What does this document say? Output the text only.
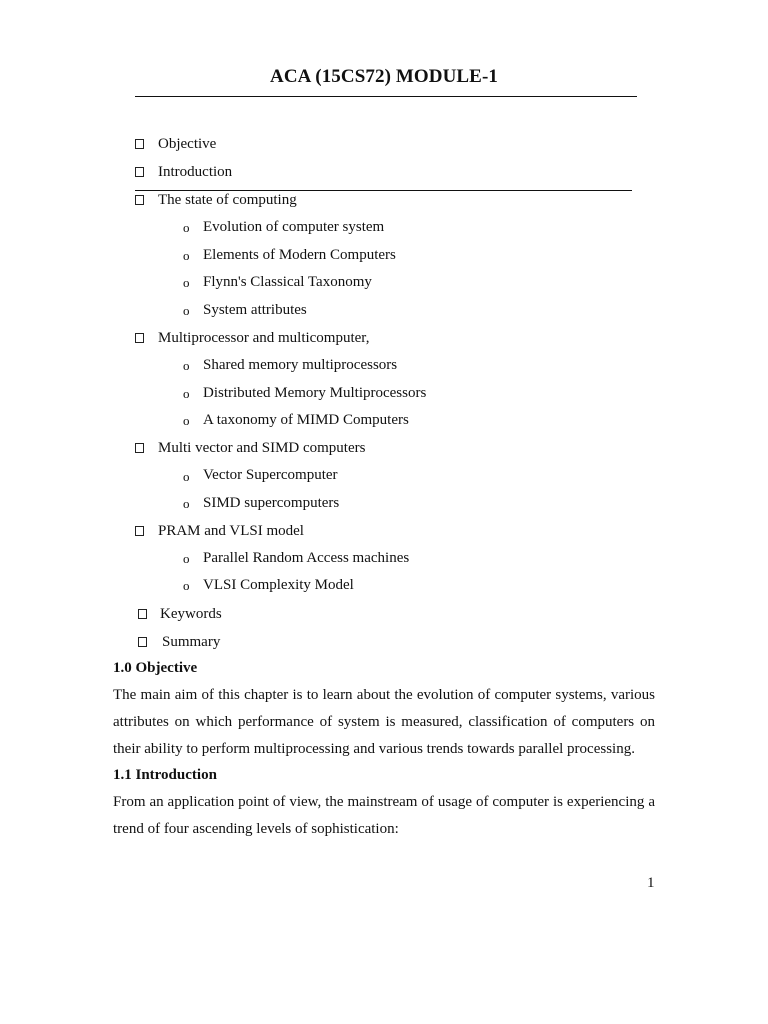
ACA (15CS72) MODULE-1
Objective
Introduction
The state of computing
o Evolution of computer system
o Elements of Modern Computers
o Flynn's Classical Taxonomy
o System attributes
Multiprocessor and multicomputer,
o Shared memory multiprocessors
o Distributed Memory Multiprocessors
o A taxonomy of MIMD Computers
Multi vector and SIMD computers
o Vector Supercomputer
o SIMD supercomputers
PRAM and VLSI model
o Parallel Random Access machines
o VLSI Complexity Model
Keywords
Summary
1.0 Objective
The main aim of this chapter is to learn about the evolution of computer systems, various attributes on which performance of system is measured, classification of computers on their ability to perform multiprocessing and various trends towards parallel processing.
1.1 Introduction
From an application point of view, the mainstream of usage of computer is experiencing a trend of four ascending levels of sophistication:
1
